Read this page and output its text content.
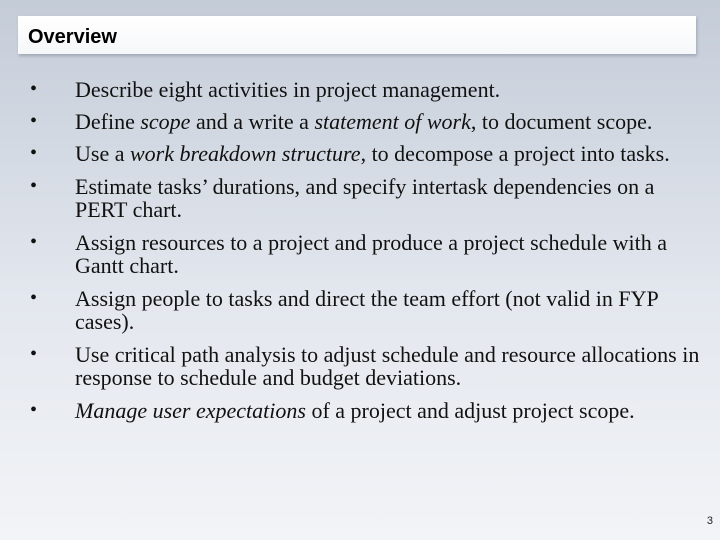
Overview
• Describe eight activities in project management.
• Define scope and a write a statement of work, to document scope.
• Use a work breakdown structure, to decompose a project into tasks.
• Estimate tasks’ durations, and specify intertask dependencies on a PERT chart.
• Assign resources to a project and produce a project schedule with a Gantt chart.
• Assign people to tasks and direct the team effort (not valid in FYP cases).
• Use critical path analysis to adjust schedule and resource allocations in response to schedule and budget deviations.
• Manage user expectations of a project and adjust project scope.
3
